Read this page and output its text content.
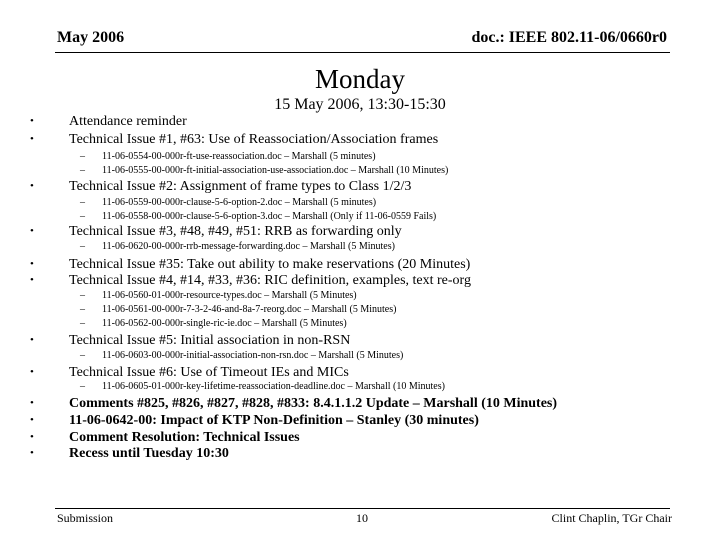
May 2006	doc.: IEEE 802.11-06/0660r0
Monday
15 May 2006, 13:30-15:30
•	Attendance reminder
•	Technical Issue #1, #63: Use of Reassociation/Association frames
– 11-06-0554-00-000r-ft-use-reassociation.doc – Marshall (5 minutes)
– 11-06-0555-00-000r-ft-initial-association-use-association.doc – Marshall (10 Minutes)
•	Technical Issue #2: Assignment of frame types to Class 1/2/3
– 11-06-0559-00-000r-clause-5-6-option-2.doc – Marshall (5 minutes)
– 11-06-0558-00-000r-clause-5-6-option-3.doc – Marshall (Only if 11-06-0559 Fails)
•	Technical Issue #3, #48, #49, #51: RRB as forwarding only
– 11-06-0620-00-000r-rrb-message-forwarding.doc – Marshall (5 Minutes)
•	Technical Issue #35: Take out ability to make reservations (20 Minutes)
•	Technical Issue #4, #14, #33, #36: RIC definition, examples, text re-org
– 11-06-0560-01-000r-resource-types.doc – Marshall (5 Minutes)
– 11-06-0561-00-000r-7-3-2-46-and-8a-7-reorg.doc – Marshall (5 Minutes)
– 11-06-0562-00-000r-single-ric-ie.doc – Marshall (5 Minutes)
•	Technical Issue #5: Initial association in non-RSN
– 11-06-0603-00-000r-initial-association-non-rsn.doc – Marshall (5 Minutes)
•	Technical Issue #6: Use of Timeout IEs and MICs
– 11-06-0605-01-000r-key-lifetime-reassociation-deadline.doc – Marshall (10 Minutes)
•	Comments #825, #826, #827, #828, #833: 8.4.1.1.2 Update – Marshall (10 Minutes)
•	11-06-0642-00: Impact of KTP Non-Definition – Stanley (30 minutes)
•	Comment Resolution: Technical Issues
•	Recess until Tuesday 10:30
Submission	10	Clint Chaplin, TGr Chair
